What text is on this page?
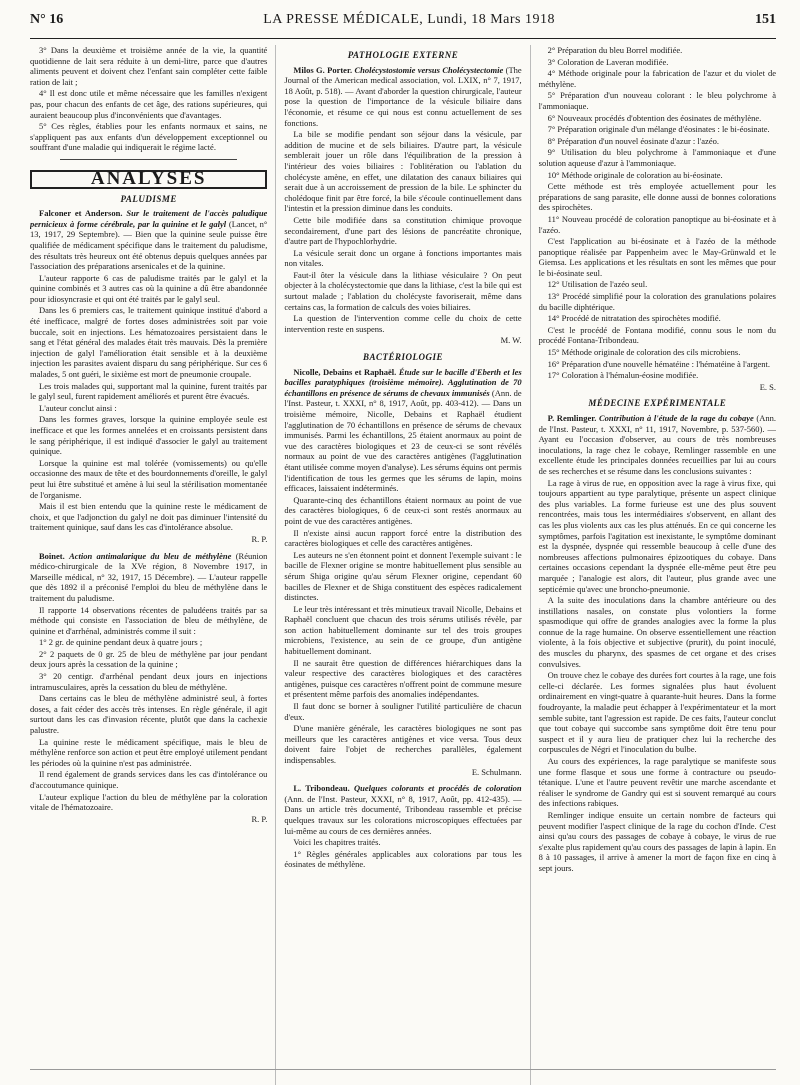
N° 16	LA PRESSE MÉDICALE, Lundi, 18 Mars 1918	151

3° Dans la deuxième et troisième année de la vie, la quantité quotidienne de lait sera réduite à un demi-litre, parce que d'autres aliments peuvent et doivent chez l'enfant sain compléter cette faible ration de lait ;

4° Il est donc utile et même nécessaire que les familles n'exigent pas, pour chacun des enfants de cet âge, des rations supérieures, qui auraient beaucoup plus d'inconvénients que d'avantages.

5° Ces règles, établies pour les enfants normaux et sains, ne s'appliquent pas aux enfants d'un développement exceptionnel ou souffrant d'une maladie qui indiquerait le régime lacté.

ANALYSES
PALUDISME

Falconer et Anderson. Sur le traitement de l'accès paludique pernicieux à forme cérébrale, par la quinine et le galyl (Lancet, n° 13, 1917, 29 Septembre). — Bien que la quinine seule puisse être qualifiée de médicament spécifique dans le traitement du paludisme, des résultats très heureux ont été obtenus depuis quelques années par l'association des préparations arsenicales et de la quinine.

L'auteur rapporte 6 cas de paludisme traités par le galyl et la quinine combinés et 3 autres cas où la quinine a dû être abandonnée pour idiosyncrasie et qui ont été traités par le galyl seul.

Dans les 6 premiers cas, le traitement quinique institué d'abord a été inefficace, malgré de fortes doses administrées soit par voie buccale, soit en injections. Les hématozoaires persistaient dans le sang et l'état général des malades était très mauvais. Dès la première injection de galyl l'amélioration était sensible et à la deuxième injection les parasites avaient disparu du sang périphérique. Sur ces 6 malades, 5 ont guéri, le sixième est mort de pneumonie croupale.

Les trois malades qui, supportant mal la quinine, furent traités par le galyl seul, furent rapidement améliorés et purent être évacués.

L'auteur conclut ainsi :

Dans les formes graves, lorsque la quinine employée seule est inefficace et que les formes annelées et en croissants persistent dans le sang périphérique, il est indiqué d'associer le galyl au traitement quinique.

Lorsque la quinine est mal tolérée (vomissements) ou qu'elle occasionne des maux de tête et des bourdonnements d'oreille, le galyl peut lui être substitué et amène à lui seul la stérilisation momentanée de l'organisme.

Mais il est bien entendu que la quinine reste le médicament de choix, et que l'adjonction du galyl ne doit pas diminuer l'intensité du traitement quinique, sauf dans les cas d'intolérance absolue.

R. P.

Boinet. Action antimalarique du bleu de méthylène (Réunion médico-chirurgicale de la XVe région, 8 Novembre 1917, in Marseille médical, n° 32, 1917, 15 Décembre). — L'auteur rappelle que dès 1892 il a préconisé l'emploi du bleu de méthylène dans le traitement du paludisme.

Il rapporte 14 observations récentes de paludéens traités par sa méthode qui consiste en l'association de bleu de méthylène, de quinine et d'arrhénal, administrés comme il suit :

1° 2 gr. de quinine pendant deux à quatre jours ;

2° 2 paquets de 0 gr. 25 de bleu de méthylène par jour pendant deux jours après la cessation de la quinine ;

3° 20 centigr. d'arrhénal pendant deux jours en injections intramusculaires, après la cessation du bleu de méthylène.

Dans certains cas le bleu de méthylène administré seul, à fortes doses, a fait céder des accès très intenses. En règle générale, il agit surtout dans les cas d'invasion récente, plutôt que dans la cachexie palustre.

La quinine reste le médicament spécifique, mais le bleu de méthylène renforce son action et peut être employé utilement pendant les périodes où la quinine n'est pas administrée.

Il rend également de grands services dans les cas d'intolérance ou d'accoutumance quinique.

L'auteur explique l'action du bleu de méthylène par la coloration vitale de l'hématozoaire.

R. P.
PATHOLOGIE EXTERNE

Milos G. Porter. Cholécystostomie versus Cholécystectomie (The Journal of the American medical association, vol. LXIX, n° 7, 1917, 18 Août, p. 518). — Avant d'aborder la question chirurgicale, l'auteur pose la question de l'importance de la vésicule biliaire dans l'économie, et résume ce qui nous est connu actuellement de ses fonctions.

La bile se modifie pendant son séjour dans la vésicule, par addition de mucine et de sels biliaires. D'autre part, la vésicule semblerait jouer un rôle dans l'équilibration de la pression à l'intérieur des voies biliaires : l'oblitération ou l'ablation du cholécyste amène, en effet, une dilatation des canaux biliaires qui serait due à un accroissement de pression de la bile. Le sphincter du cholédoque finit par être forcé, la bile s'écoule continuellement dans l'intestin et la pression diminue dans les conduits.

Cette bile modifiée dans sa constitution chimique provoque secondairement, d'une part des lésions de pancréatite chronique, d'autre part de l'hypochlorhydrie.

La vésicule serait donc un organe à fonctions importantes mais non vitales.

Faut-il ôter la vésicule dans la lithiase vésiculaire ? On peut objecter à la cholécystectomie que dans la lithiase, c'est la bile qui est surtout malade ; l'ablation du cholécyste favoriserait, même dans certains cas, la formation de calculs des voies biliaires.

La question de l'intervention comme celle du choix de cette intervention reste en suspens.

M. W.
BACTÉRIOLOGIE

Nicolle, Debains et Raphaël. Étude sur le bacille d'Eberth et les bacilles paratyphiques (troisième mémoire). Agglutination de 70 échantillons en présence de sérums de chevaux immunisés (Ann. de l'Inst. Pasteur, t. XXXI, n° 8, 1917, Août, pp. 403-412). — Dans un troisième mémoire, Nicolle, Debains et Raphaël étudient l'agglutination de 70 échantillons en présence de sérums de chevaux immunisés. Parmi les échantillons, 25 étaient anormaux au point de vue des caractères biologiques et 23 de ceux-ci se sont révélés normaux au point de vue des caractères antigènes (l'agglutination étant utilisée comme moyen d'analyse). Les sérums équins ont permis l'identification de tous les germes que les sérums de lapin, moins efficaces, laissaient indéterminés.

Quarante-cinq des échantillons étaient normaux au point de vue des caractères biologiques, 6 de ceux-ci sont restés anormaux au point de vue des caractères antigènes.

Il n'existe ainsi aucun rapport forcé entre la distribution des caractères biologiques et celle des caractères antigènes.

Les auteurs ne s'en étonnent point et donnent l'exemple suivant : le bacille de Flexner origine se montre habituellement plus sensible au sérum Shiga origine qu'au sérum Flexner origine, cependant 60 bacilles de Flexner et de Shiga constituent des espèces radicalement distinctes.

Le leur très intéressant et très minutieux travail Nicolle, Debains et Raphaël concluent que chacun des trois sérums utilisés révèle, par son action habituellement dominante sur tel des trois groupes microbiens, l'existence, au sein de ce groupe, d'un antigène habituellement dominant.

Il ne saurait être question de différences hiérarchiques dans la valeur respective des caractères biologiques et des caractères antigènes, puisque ces caractères n'offrent point de commune mesure et présentent même parfois des anomalies indépendantes.

Il faut donc se borner à souligner l'utilité particulière de chacun d'eux.

D'une manière générale, les caractères biologiques ne sont pas meilleurs que les caractères antigènes et vice versa. Tous deux doivent faire l'objet de recherches parallèles, également indispensables.

E. Schulmann.

L. Tribondeau. Quelques colorants et procédés de coloration (Ann. de l'Inst. Pasteur, XXXI, n° 8, 1917, Août, pp. 412-435). — Dans un article très documenté, Tribondeau rassemble et précise quelques travaux sur les colorations microscopiques effectuées par lui-même au cours de ces dernières années.

Voici les chapitres traités.

1° Règles générales applicables aux colorations par tous les éosinates de méthylène.

2° Préparation du bleu Borrel modifiée.

3° Coloration de Laveran modifiée.

4° Méthode originale pour la fabrication de l'azur et du violet de méthylène.

5° Préparation d'un nouveau colorant : le bleu polychrome à l'ammoniaque.

6° Nouveaux procédés d'obtention des éosinates de méthylène.

7° Préparation originale d'un mélange d'éosinates : le bi-éosinate.

8° Préparation d'un nouvel éosinate d'azur : l'azéo.

9° Utilisation du bleu polychrome à l'ammoniaque et d'une solution aqueuse d'azur à l'ammoniaque.

10° Méthode originale de coloration au bi-éosinate.

Cette méthode est très employée actuellement pour les préparations de sang parasite, elle donne aussi de bonnes colorations des spirochètes.

11° Nouveau procédé de coloration panoptique au bi-éosinate et à l'azéo.

C'est l'application au bi-éosinate et à l'azéo de la méthode panoptique réalisée par Pappenheim avec le May-Grünwald et le Giemsa. Les applications et les résultats en sont les mêmes que pour le bi-éosinate seul.

12° Utilisation de l'azéo seul.

13° Procédé simplifié pour la coloration des granulations polaires du bacille diphtérique.

14° Procédé de nitratation des spirochètes modifié.

C'est le procédé de Fontana modifié, connu sous le nom du procédé Fontana-Tribondeau.

15° Méthode originale de coloration des cils microbiens.

16° Préparation d'une nouvelle hématéine : l'hématéine à l'argent.

17° Coloration à l'hémalun-éosine modifiée.

E. S.
MÉDECINE EXPÉRIMENTALE

P. Remlinger. Contribution à l'étude de la rage du cobaye (Ann. de l'Inst. Pasteur, t. XXXI, n° 11, 1917, Novembre, p. 537-560). — Ayant eu l'occasion d'observer, au cours de très nombreuses inoculations, la rage chez le cobaye, Remlinger rassemble en une excellente étude les principales données recueillies par lui au cours de ses recherches et se résume dans les conclusions suivantes :

La rage à virus de rue, en opposition avec la rage à virus fixe, qui toujours appartient au type paralytique, présente un aspect clinique des plus variables. La forme furieuse est une des plus souvent rencontrées, mais tous les intermédiaires s'observent, en allant des cas les plus violents aux cas les plus atténués. En ce qui concerne les symptômes, parfois l'agitation est inexistante, le symptôme dominant est la dyspnée, dyspnée qui ressemble beaucoup à celle d'une des nombreuses affections pulmonaires épizootiques du cobaye. Dans certaines occasions cependant la dyspnée elle-même peut être peu marquée ; l'analogie est alors, dit l'auteur, plus grande avec une septicémie qu'avec une broncho-pneumonie.

A la suite des inoculations dans la chambre antérieure ou des instillations nasales, on constate plus volontiers la forme spasmodique qui offre de grandes analogies avec la forme la plus connue de la rage humaine. On observe essentiellement une réaction violente, à la fois objective et subjective (prurit), du point inoculé, des muscles du pharynx, des spasmes de cet organe et des crises convulsives.

On trouve chez le cobaye des durées fort courtes à la rage, une fois celle-ci déclarée. Les formes signalées plus haut évoluent ordinairement en vingt-quatre à quarante-huit heures. Dans la forme foudroyante, la maladie peut échapper à l'expérimentateur et la mort semble subite, tant l'agression est rapide. De ces faits, l'auteur conclut que tout cobaye qui succombe sans symptôme doit être tenu pour suspect et il y aura lieu de pratiquer chez lui la recherche des corpuscules de Négri et l'inoculation du bulbe.

Au cours des expériences, la rage paralytique se manifeste sous une forme flasque et sous une forme à contracture ou pseudo-tétanique. L'une et l'autre peuvent revêtir une marche ascendante et réaliser le syndrome de Gandry qui est si souvent remarqué au cours des infections rabiques.

Remlinger indique ensuite un certain nombre de facteurs qui peuvent modifier l'aspect clinique de la rage du cochon d'Inde. C'est ainsi qu'au cours des passages de cobaye à cobaye, le virus de rue s'exalte plus rapidement qu'au cours des passages de lapin à lapin. En 8 à 10 passages, il arrive à amener la mort de façon fixe en cinq à sept jours.
